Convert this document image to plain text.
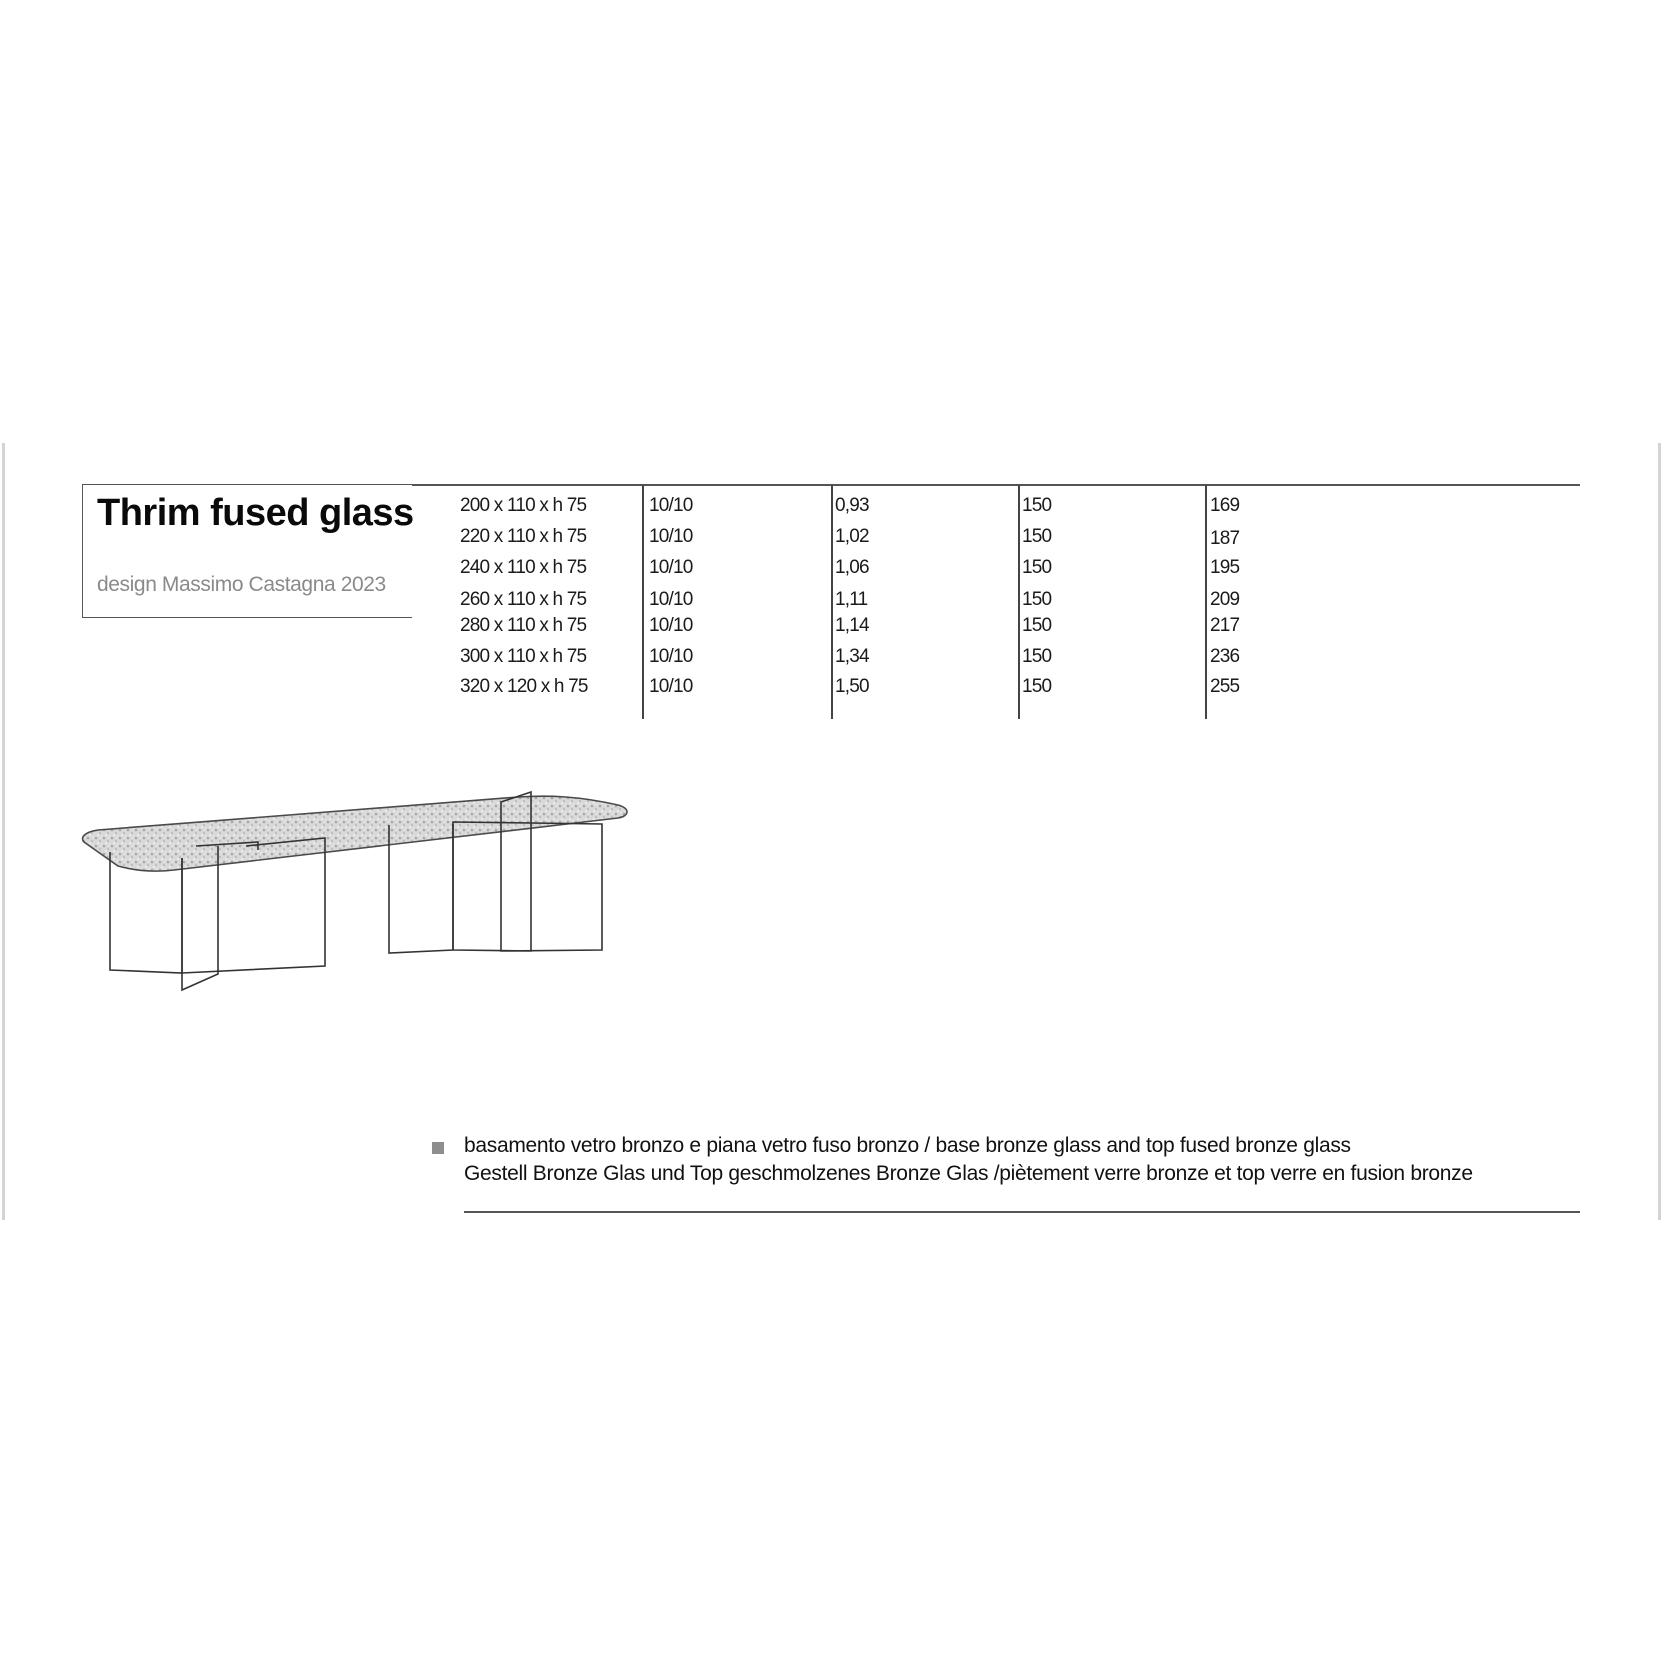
Thrim fused glass
design Massimo Castagna 2023
200 x 110 x h 75	10/10	0,93	150	169
220 x 110 x h 75	10/10	1,02	150	187
240 x 110 x h 75	10/10	1,06	150	195
260 x 110 x h 75	10/10	1,11	150	209
280 x 110 x h 75	10/10	1,14	150	217
300 x 110 x h 75	10/10	1,34	150	236
320 x 120 x h 75	10/10	1,50	150	255
basamento vetro bronzo e piana vetro fuso bronzo / base bronze glass and top fused bronze glass
Gestell Bronze Glas und Top geschmolzenes Bronze Glas /piètement verre bronze et top verre en fusion bronze
